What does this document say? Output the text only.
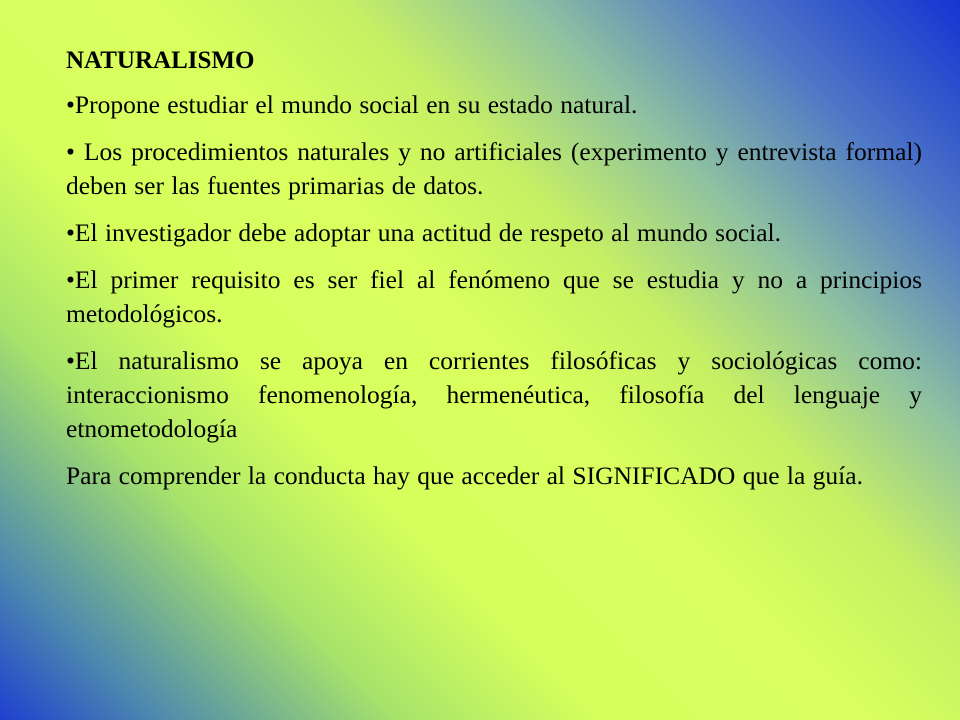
NATURALISMO

•Propone estudiar el mundo social en su estado natural.

• Los procedimientos naturales y no artificiales (experimento y entrevista formal) deben ser las fuentes primarias de datos.

•El investigador debe adoptar una actitud de respeto al mundo social.

•El primer requisito es ser fiel al fenómeno que se estudia y no a principios metodológicos.

•El naturalismo se apoya en corrientes filosóficas y sociológicas como: interaccionismo fenomenología, hermenéutica, filosofía del lenguaje y etnometodología

Para comprender la conducta hay que acceder al SIGNIFICADO que la guía.
